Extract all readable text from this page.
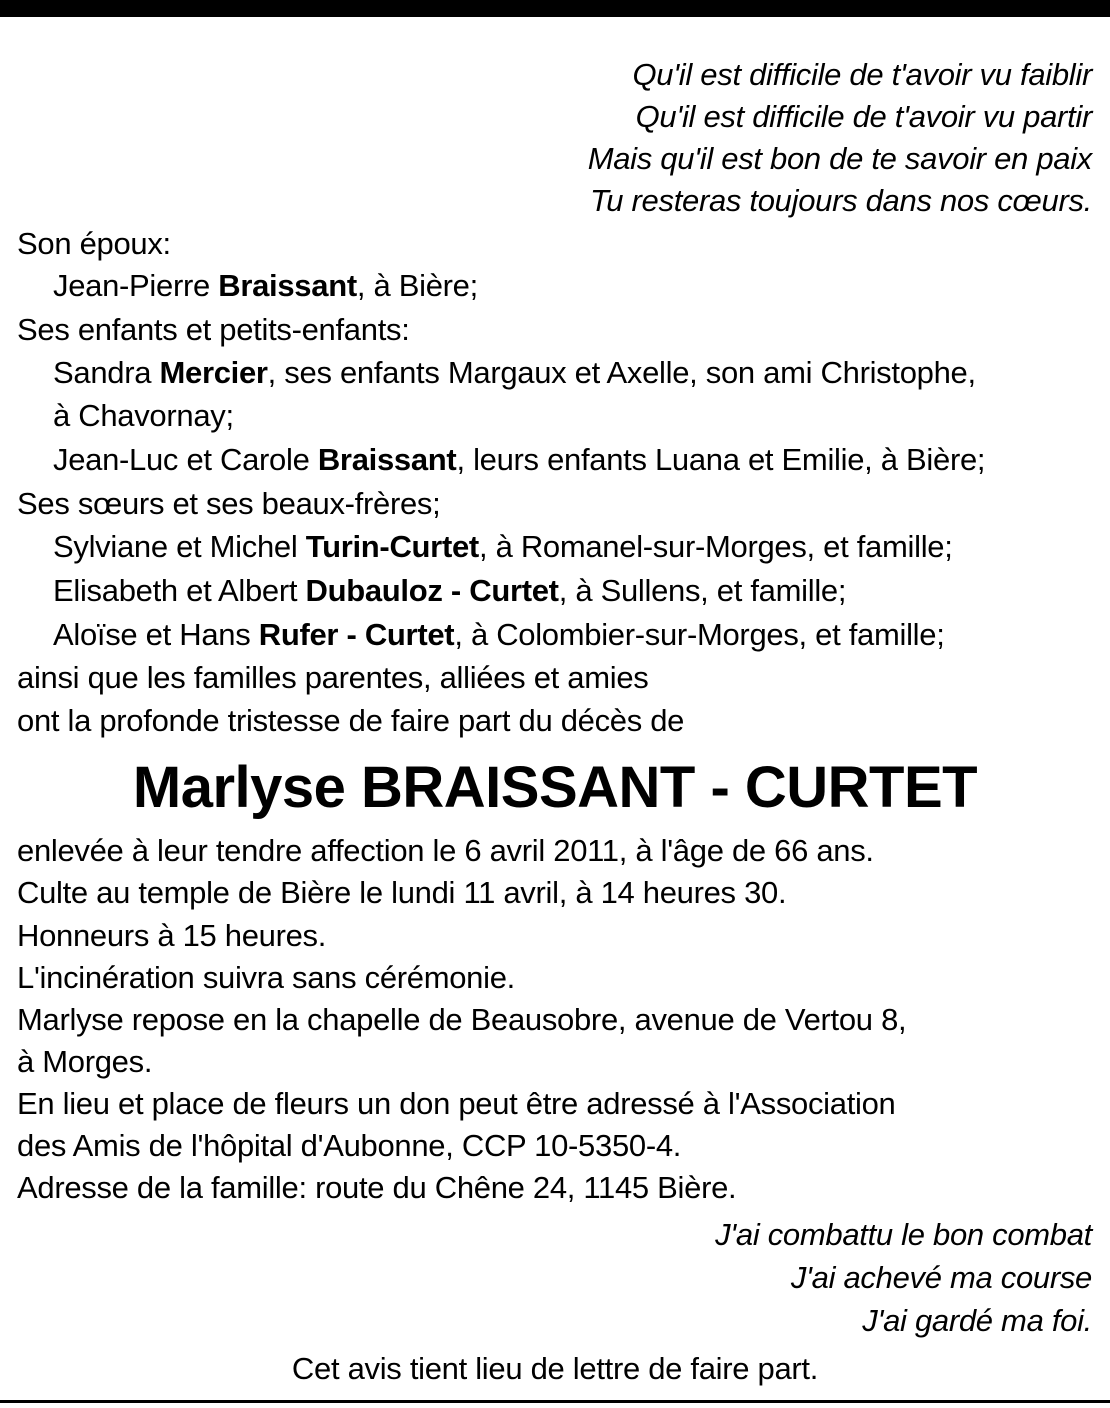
Qu'il est difficile de t'avoir vu faiblir
Qu'il est difficile de t'avoir vu partir
Mais qu'il est bon de te savoir en paix
Tu resteras toujours dans nos cœurs.
Son époux:
Jean-Pierre Braissant, à Bière;
Ses enfants et petits-enfants:
Sandra Mercier, ses enfants Margaux et Axelle, son ami Christophe,
à Chavornay;
Jean-Luc et Carole Braissant, leurs enfants Luana et Emilie, à Bière;
Ses sœurs et ses beaux-frères;
Sylviane et Michel Turin-Curtet, à Romanel-sur-Morges, et famille;
Elisabeth et Albert Dubauloz - Curtet, à Sullens, et famille;
Aloïse et Hans Rufer - Curtet, à Colombier-sur-Morges, et famille;
ainsi que les familles parentes, alliées et amies
ont la profonde tristesse de faire part du décès de
Marlyse BRAISSANT - CURTET
enlevée à leur tendre affection le 6 avril 2011, à l'âge de 66 ans.
Culte au temple de Bière le lundi 11 avril, à 14 heures 30.
Honneurs à 15 heures.
L'incinération suivra sans cérémonie.
Marlyse repose en la chapelle de Beausobre, avenue de Vertou 8,
à Morges.
En lieu et place de fleurs un don peut être adressé à l'Association
des Amis de l'hôpital d'Aubonne, CCP 10-5350-4.
Adresse de la famille: route du Chêne 24, 1145 Bière.
J'ai combattu le bon combat
J'ai achevé ma course
J'ai gardé ma foi.
Cet avis tient lieu de lettre de faire part.
